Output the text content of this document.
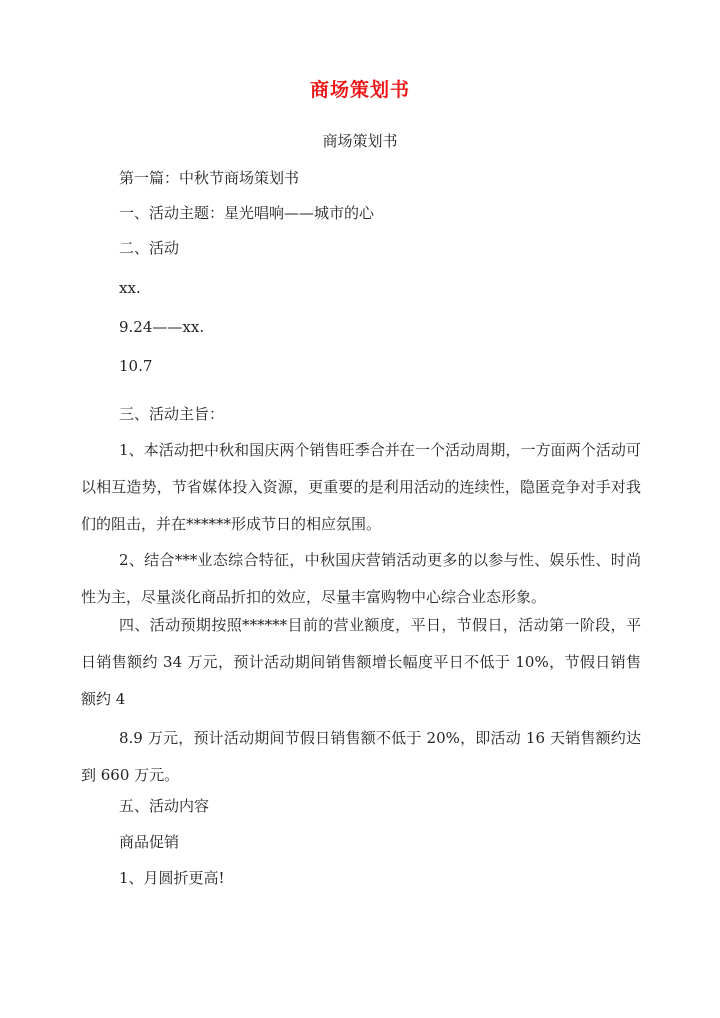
商场策划书
商场策划书
第一篇：中秋节商场策划书
一、活动主题：星光唱响——城市的心
二、活动
xx.
9.24——xx.
10.7
三、活动主旨：
1、本活动把中秋和国庆两个销售旺季合并在一个活动周期，一方面两个活动可以相互造势，节省媒体投入资源，更重要的是利用活动的连续性，隐匿竞争对手对我们的阻击，并在******形成节日的相应氛围。
2、结合***业态综合特征，中秋国庆营销活动更多的以参与性、娱乐性、时尚性为主，尽量淡化商品折扣的效应，尽量丰富购物中心综合业态形象。
四、活动预期按照******目前的营业额度，平日，节假日，活动第一阶段，平日销售额约 34 万元，预计活动期间销售额增长幅度平日不低于 10%，节假日销售额约 4
8.9 万元，预计活动期间节假日销售额不低于 20%，即活动 16 天销售额约达到 660 万元。
五、活动内容
商品促销
1、月圆折更高!
